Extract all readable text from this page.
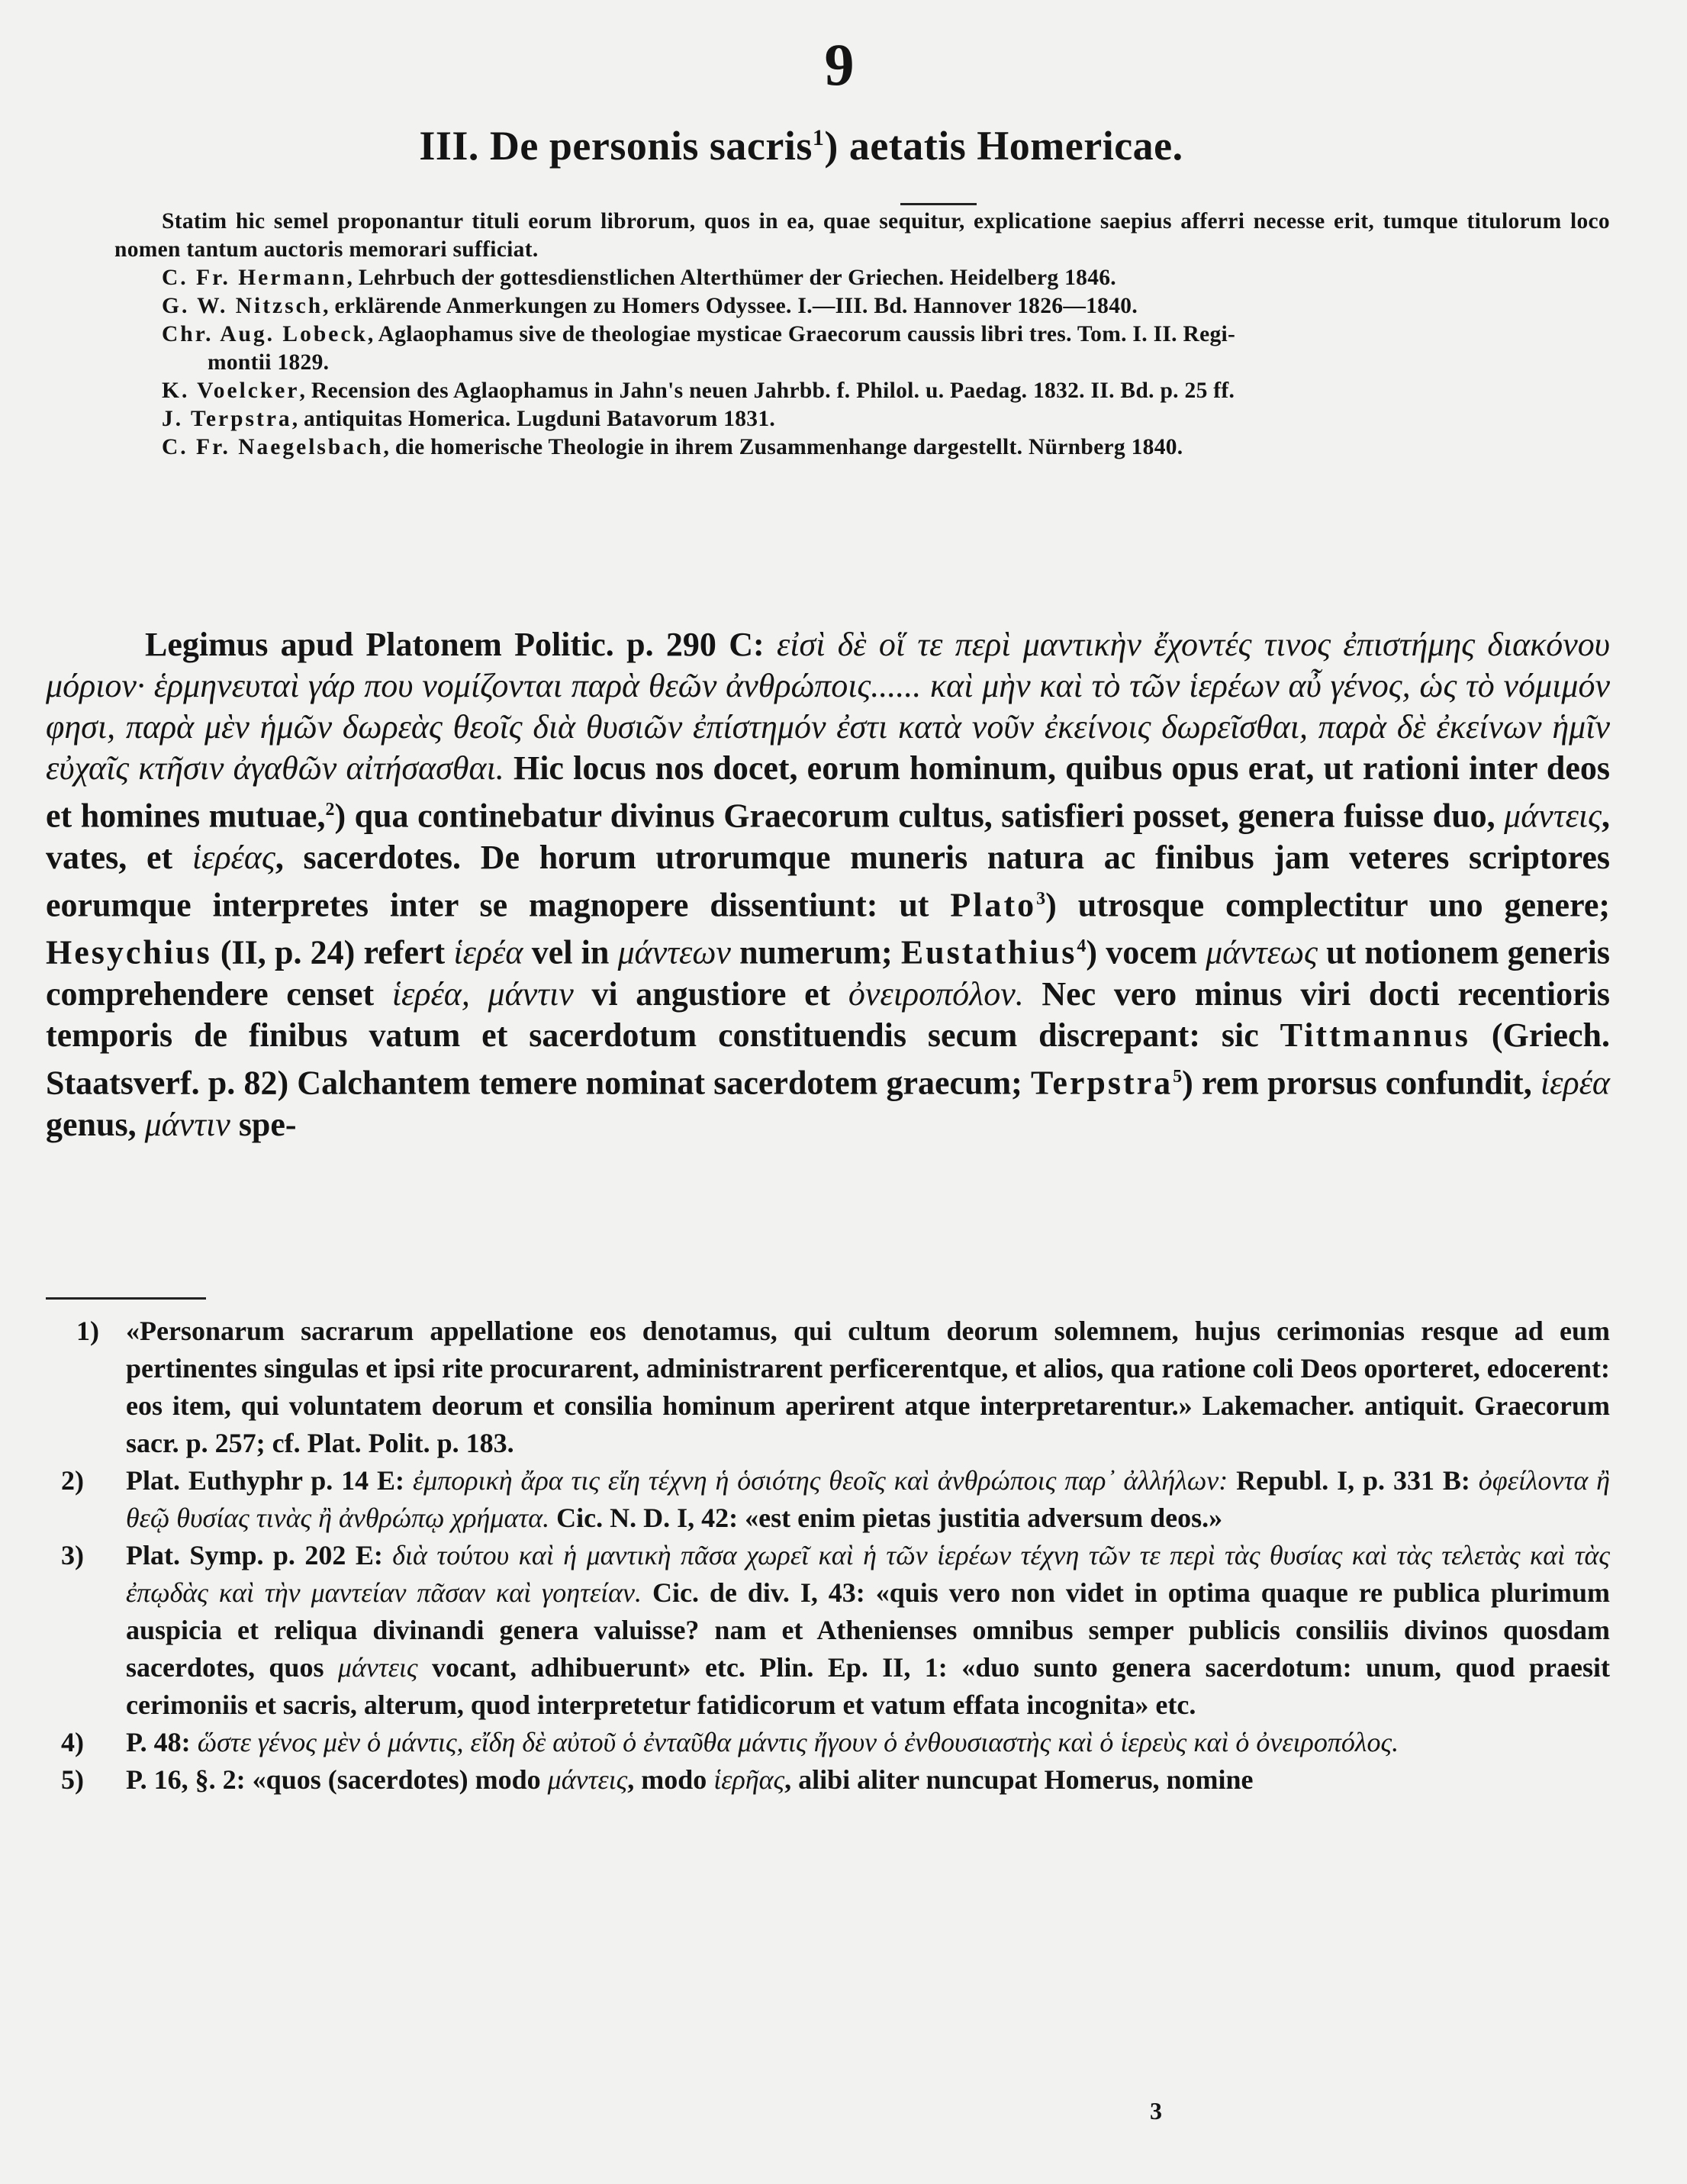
9
III. De personis sacris$^1$) aetatis Homericae.

Statim hic semel proponantur tituli eorum librorum, quos in ea, quae sequitur, explicatione saepius afferri necesse erit, tumque titulorum loco nomen tantum auctoris memorari sufficiat.

C. Fr. Hermann, Lehrbuch der gottesdienstlichen Alterthümer der Griechen. Heidelberg 1846.

G. W. Nitzsch, erklärende Anmerkungen zu Homers Odyssee. I.—III. Bd. Hannover 1826—1840.

Chr. Aug. Lobeck, Aglaophamus sive de theologiae mysticae Graecorum caussis libri tres. Tom. I. II. Regi-
montii 1829.

K. Voelcker, Recension des Aglaophamus in Jahn's neuen Jahrbb. f. Philol. u. Paedag. 1832. II. Bd. p. 25 ff.

J. Terpstra, antiquitas Homerica. Lugduni Batavorum 1831.

C. Fr. Naegelsbach, die homerische Theologie in ihrem Zusammenhange dargestellt. Nürnberg 1840.

Legimus apud Platonem Politic. p. 290 C: εἰσὶ δὲ οἵ τε περὶ μαντικὴν ἔχοντές τινος ἐπιστήμης διακόνου μόριον· ἑρμηνευταὶ γάρ που νομίζονται παρὰ θεῶν ἀνθρώποις...... καὶ μὴν καὶ τὸ τῶν ἱερέων αὖ γένος, ὡς τὸ νόμιμόν φησι, παρὰ μὲν ἡμῶν δωρεὰς θεοῖς διὰ θυσιῶν ἐπίστημόν ἐστι κατὰ νοῦν ἐκείνοις δωρεῖσθαι, παρὰ δὲ ἐκείνων ἡμῖν εὐχαῖς κτῆσιν ἀγαθῶν αἰτήσασθαι. Hic locus nos docet, eorum hominum, quibus opus erat, ut rationi inter deos et homines mutuae,$^2$) qua continebatur divinus Graecorum cultus, satisfieri posset, genera fuisse duo, μάντεις, vates, et ἱερέας, sacerdotes. De horum utrorumque muneris natura ac finibus jam veteres scriptores eorumque interpretes inter se magnopere dissentiunt: ut Plato$^3$) utrosque complectitur uno genere; Hesychius (II, p. 24) refert ἱερέα vel in μάντεων numerum; Eustathius$^4$) vocem μάντεως ut notionem generis comprehendere censet ἱερέα, μάντιν vi angustiore et ὀνειροπόλον. Nec vero minus viri docti recentioris temporis de finibus vatum et sacerdotum constituendis secum discrepant: sic Tittmannus (Griech. Staatsverf. p. 82) Calchantem temere nominat sacerdotem graecum; Terpstra$^5$) rem prorsus confundit, ἱερέα genus, μάντιν spe-

1) «Personarum sacrarum appellatione eos denotamus, qui cultum deorum solemnem, hujus cerimonias resque ad eum pertinentes singulas et ipsi rite procurarent, administrarent perficerentque, et alios, qua ratione coli Deos oporteret, edocerent: eos item, qui voluntatem deorum et consilia hominum aperirent atque interpretarentur.» Lakemacher. antiquit. Graecorum sacr. p. 257; cf. Plat. Polit. p. 183.

2)	Plat. Euthyphr p. 14 E: ἐμπορικὴ ἄρα τις εἴη τέχνη ἡ ὁσιότης θεοῖς καὶ ἀνθρώποις παρ᾽ ἀλλήλων: Republ. I, p. 331 B: ὀφείλοντα ἢ θεῷ θυσίας τινὰς ἢ ἀνθρώπῳ χρήματα. Cic. N. D. I, 42: «est enim pietas justitia adversum deos.»

3)	Plat. Symp. p. 202 E: διὰ τούτου καὶ ἡ μαντικὴ πᾶσα χωρεῖ καὶ ἡ τῶν ἱερέων τέχνη τῶν τε περὶ τὰς θυσίας καὶ τὰς τελετὰς καὶ τὰς ἐπῳδὰς καὶ τὴν μαντείαν πᾶσαν καὶ γοητείαν. Cic. de div. I, 43: «quis vero non videt in optima quaque re publica plurimum auspicia et reliqua divinandi genera valuisse? nam et Athenienses omnibus semper publicis consiliis divinos quosdam sacerdotes, quos μάντεις vocant, adhibuerunt» etc. Plin. Ep. II, 1: «duo sunto genera sacerdotum: unum, quod praesit cerimoniis et sacris, alterum, quod interpretetur fatidicorum et vatum effata incognita» etc.

4)	P. 48: ὥστε γένος μὲν ὁ μάντις, εἴδη δὲ αὐτοῦ ὁ ἐνταῦθα μάντις ἤγουν ὁ ἐνθουσιαστὴς καὶ ὁ ἱερεὺς καὶ ὁ ὀνειροπόλος.

5)	P. 16, §. 2: «quos (sacerdotes) modo μάντεις, modo ἱερῆας, alibi aliter nuncupat Homerus, nomine

3
